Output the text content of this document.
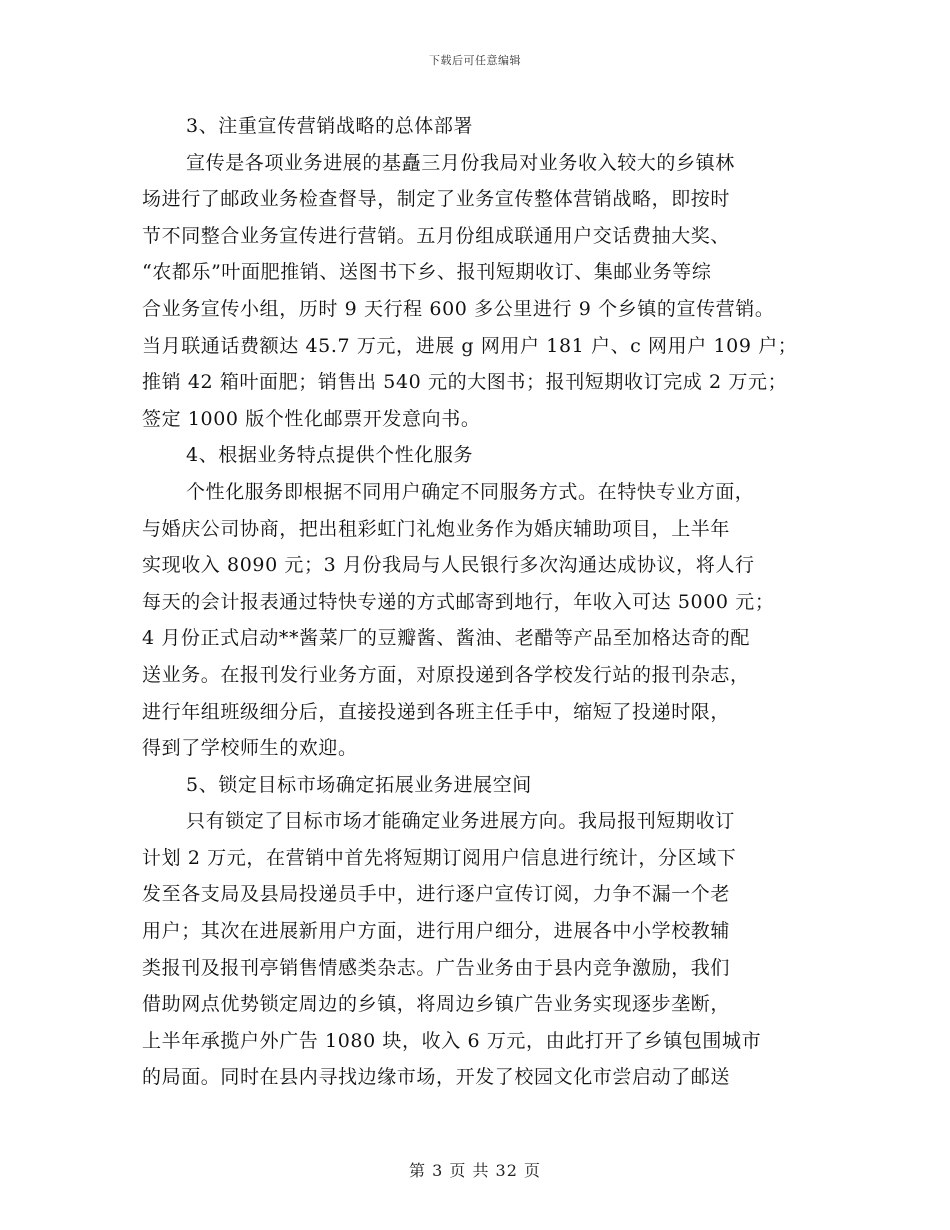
下载后可任意编辑
3、注重宣传营销战略的总体部署
宣传是各项业务进展的基矗三月份我局对业务收入较大的乡镇林
场进行了邮政业务检查督导，制定了业务宣传整体营销战略，即按时
节不同整合业务宣传进行营销。五月份组成联通用户交话费抽大奖、
“农都乐”叶面肥推销、送图书下乡、报刊短期收订、集邮业务等综
合业务宣传小组，历时 9 天行程 600 多公里进行 9 个乡镇的宣传营销。
当月联通话费额达 45.7 万元，进展 g 网用户 181 户、c 网用户 109 户；
推销 42 箱叶面肥；销售出 540 元的大图书；报刊短期收订完成 2 万元；
签定 1000 版个性化邮票开发意向书。
4、根据业务特点提供个性化服务
个性化服务即根据不同用户确定不同服务方式。在特快专业方面，
与婚庆公司协商，把出租彩虹门礼炮业务作为婚庆辅助项目，上半年
实现收入 8090 元；3 月份我局与人民银行多次沟通达成协议，将人行
每天的会计报表通过特快专递的方式邮寄到地行，年收入可达 5000 元；
4 月份正式启动**酱菜厂的豆瓣酱、酱油、老醋等产品至加格达奇的配
送业务。在报刊发行业务方面，对原投递到各学校发行站的报刊杂志，
进行年组班级细分后，直接投递到各班主任手中，缩短了投递时限，
得到了学校师生的欢迎。
5、锁定目标市场确定拓展业务进展空间
只有锁定了目标市场才能确定业务进展方向。我局报刊短期收订
计划 2 万元，在营销中首先将短期订阅用户信息进行统计，分区域下
发至各支局及县局投递员手中，进行逐户宣传订阅，力争不漏一个老
用户；其次在进展新用户方面，进行用户细分，进展各中小学校教辅
类报刊及报刊亭销售情感类杂志。广告业务由于县内竞争激励，我们
借助网点优势锁定周边的乡镇，将周边乡镇广告业务实现逐步垄断，
上半年承揽户外广告 1080 块，收入 6 万元，由此打开了乡镇包围城市
的局面。同时在县内寻找边缘市场，开发了校园文化市尝启动了邮送
第 3 页 共 32 页
